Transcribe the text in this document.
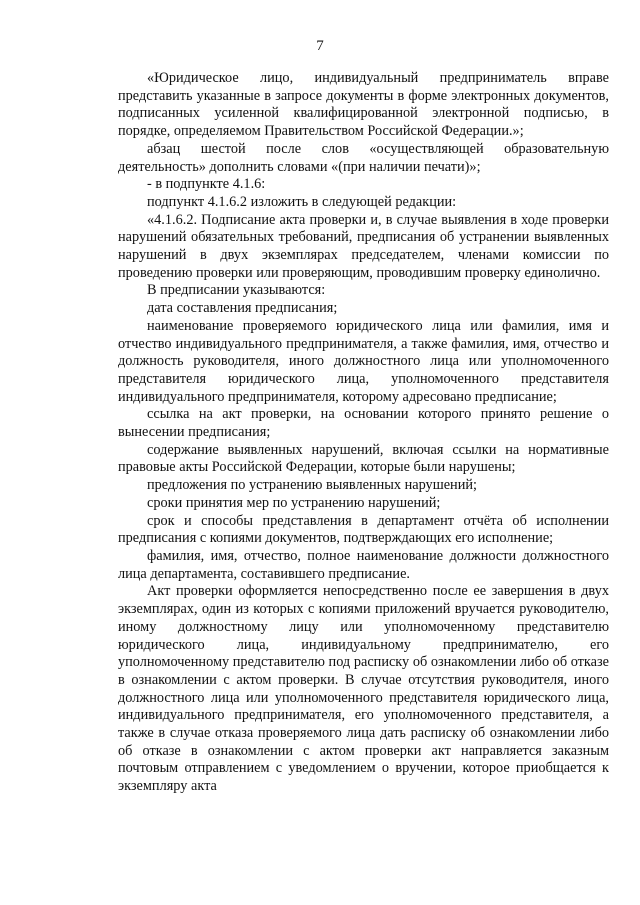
7

«Юридическое лицо, индивидуальный предприниматель вправе представить указанные в запросе документы в форме электронных документов, подписанных усиленной квалифицированной электронной подписью, в порядке, определяемом Правительством Российской Федерации.»;

абзац шестой после слов «осуществляющей образовательную деятельность» дополнить словами «(при наличии печати)»;

- в подпункте 4.1.6:

подпункт 4.1.6.2 изложить в следующей редакции:

«4.1.6.2. Подписание акта проверки и, в случае выявления в ходе проверки нарушений обязательных требований, предписания об устранении выявленных нарушений в двух экземплярах председателем, членами комиссии по проведению проверки или проверяющим, проводившим проверку единолично.

В предписании указываются:

дата составления предписания;

наименование проверяемого юридического лица или фамилия, имя и отчество индивидуального предпринимателя, а также фамилия, имя, отчество и должность руководителя, иного должностного лица или уполномоченного представителя юридического лица, уполномоченного представителя индивидуального предпринимателя, которому адресовано предписание;

ссылка на акт проверки, на основании которого принято решение о вынесении предписания;

содержание выявленных нарушений, включая ссылки на нормативные правовые акты Российской Федерации, которые были нарушены;

предложения по устранению выявленных нарушений;

сроки принятия мер по устранению нарушений;

срок и способы представления в департамент отчёта об исполнении предписания с копиями документов, подтверждающих его исполнение;

фамилия, имя, отчество, полное наименование должности должностного лица департамента, составившего предписание.

Акт проверки оформляется непосредственно после ее завершения в двух экземплярах, один из которых с копиями приложений вручается руководителю, иному должностному лицу или уполномоченному представителю юридического лица, индивидуальному предпринимателю, его уполномоченному представителю под расписку об ознакомлении либо об отказе в ознакомлении с актом проверки. В случае отсутствия руководителя, иного должностного лица или уполномоченного представителя юридического лица, индивидуального предпринимателя, его уполномоченного представителя, а также в случае отказа проверяемого лица дать расписку об ознакомлении либо об отказе в ознакомлении с актом проверки акт направляется заказным почтовым отправлением с уведомлением о вручении, которое приобщается к экземпляру акта
